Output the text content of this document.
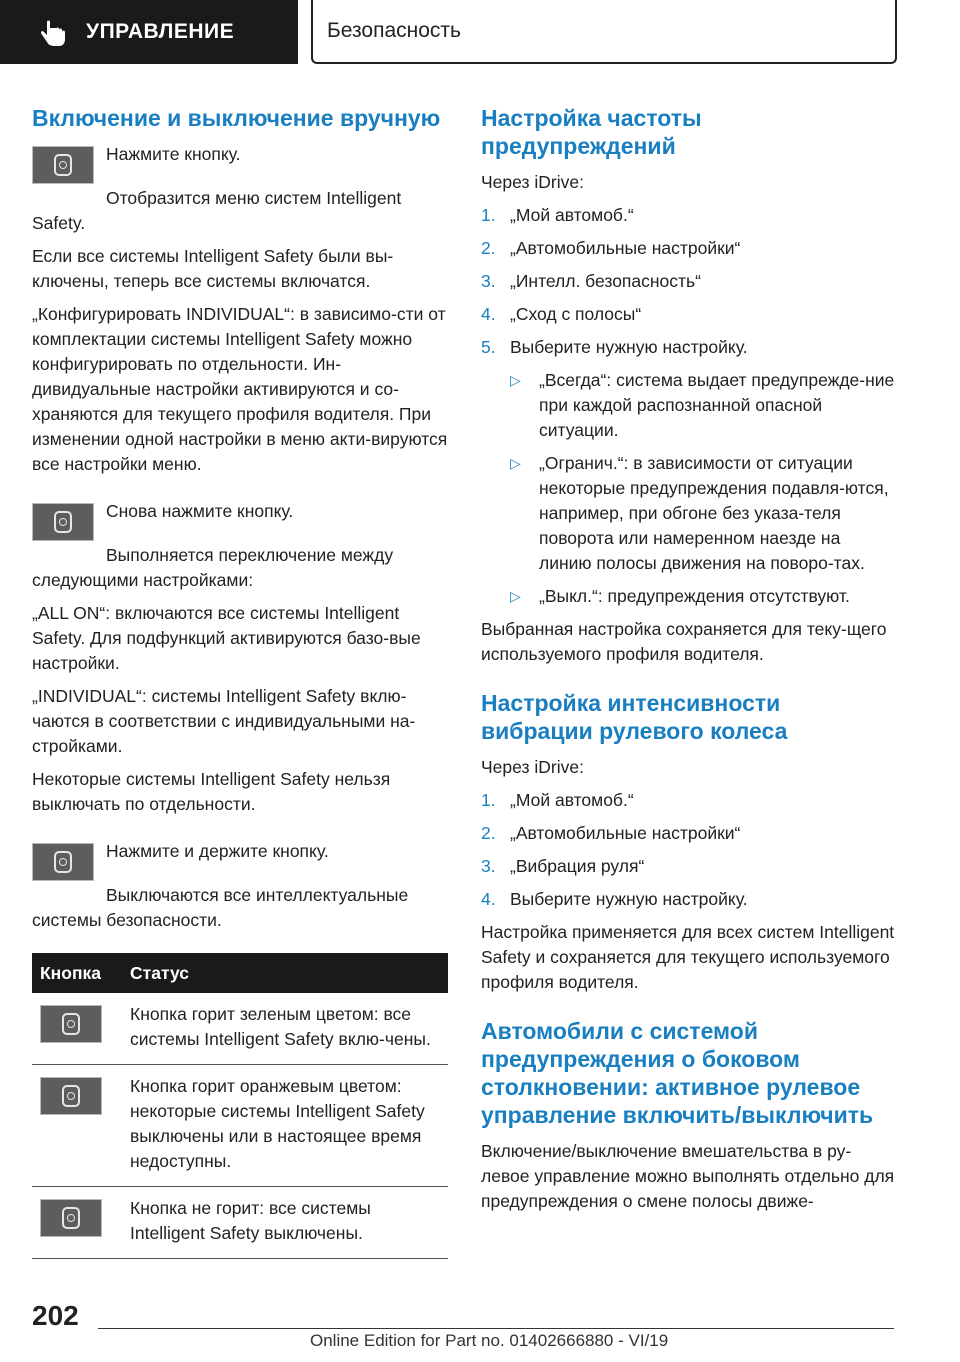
УПРАВЛЕНИЕ	Безопасность
Включение и выключение вручную

Нажмите кнопку.

Отобразится меню систем Intelligent Safety.

Если все системы Intelligent Safety были вы-ключены, теперь все системы включатся.

„Конфигурировать INDIVIDUAL“: в зависимо-сти от комплектации системы Intelligent Safety можно конфигурировать по отдельности. Ин-дивидуальные настройки активируются и со-храняются для текущего профиля водителя. При изменении одной настройки в меню акти-вируются все настройки меню.

Снова нажмите кнопку.

Выполняется переключение между следующими настройками:

„ALL ON“: включаются все системы Intelligent Safety. Для подфункций активируются базо-вые настройки.

„INDIVIDUAL“: системы Intelligent Safety вклю-чаются в соответствии с индивидуальными на-стройками.

Некоторые системы Intelligent Safety нельзя выключать по отдельности.

Нажмите и держите кнопку.

Выключаются все интеллектуальные системы безопасности.

Кнопка	Статус

	Кнопка горит зеленым цветом: все системы Intelligent Safety вклю-чены.

	Кнопка горит оранжевым цветом: некоторые системы Intelligent Safety выключены или в настоящее время недоступны.

	Кнопка не горит: все системы Intelligent Safety выключены.
Настройка частоты предупреждений

Через iDrive:

1. „Мой автомоб.“
2. „Автомобильные настройки“
3. „Интелл. безопасность“
4. „Сход с полосы“
5. Выберите нужную настройку.
▷ „Всегда“: система выдает предупрежде-ние при каждой распознанной опасной ситуации.
▷ „Огранич.“: в зависимости от ситуации некоторые предупреждения подавля-ются, например, при обгоне без указа-теля поворота или намеренном наезде на линию полосы движения на поворо-тах.
▷ „Выкл.“: предупреждения отсутствуют.

Выбранная настройка сохраняется для теку-щего используемого профиля водителя.

Настройка интенсивности вибрации рулевого колеса

Через iDrive:

1. „Мой автомоб.“
2. „Автомобильные настройки“
3. „Вибрация руля“
4. Выберите нужную настройку.

Настройка применяется для всех систем Intelligent Safety и сохраняется для текущего используемого профиля водителя.

Автомобили с системой предупреждения о боковом столкновении: активное рулевое управление включить/выключить

Включение/выключение вмешательства в ру-левое управление можно выполнять отдельно для предупреждения о смене полосы движе-

202
Online Edition for Part no. 01402666880 - VI/19
